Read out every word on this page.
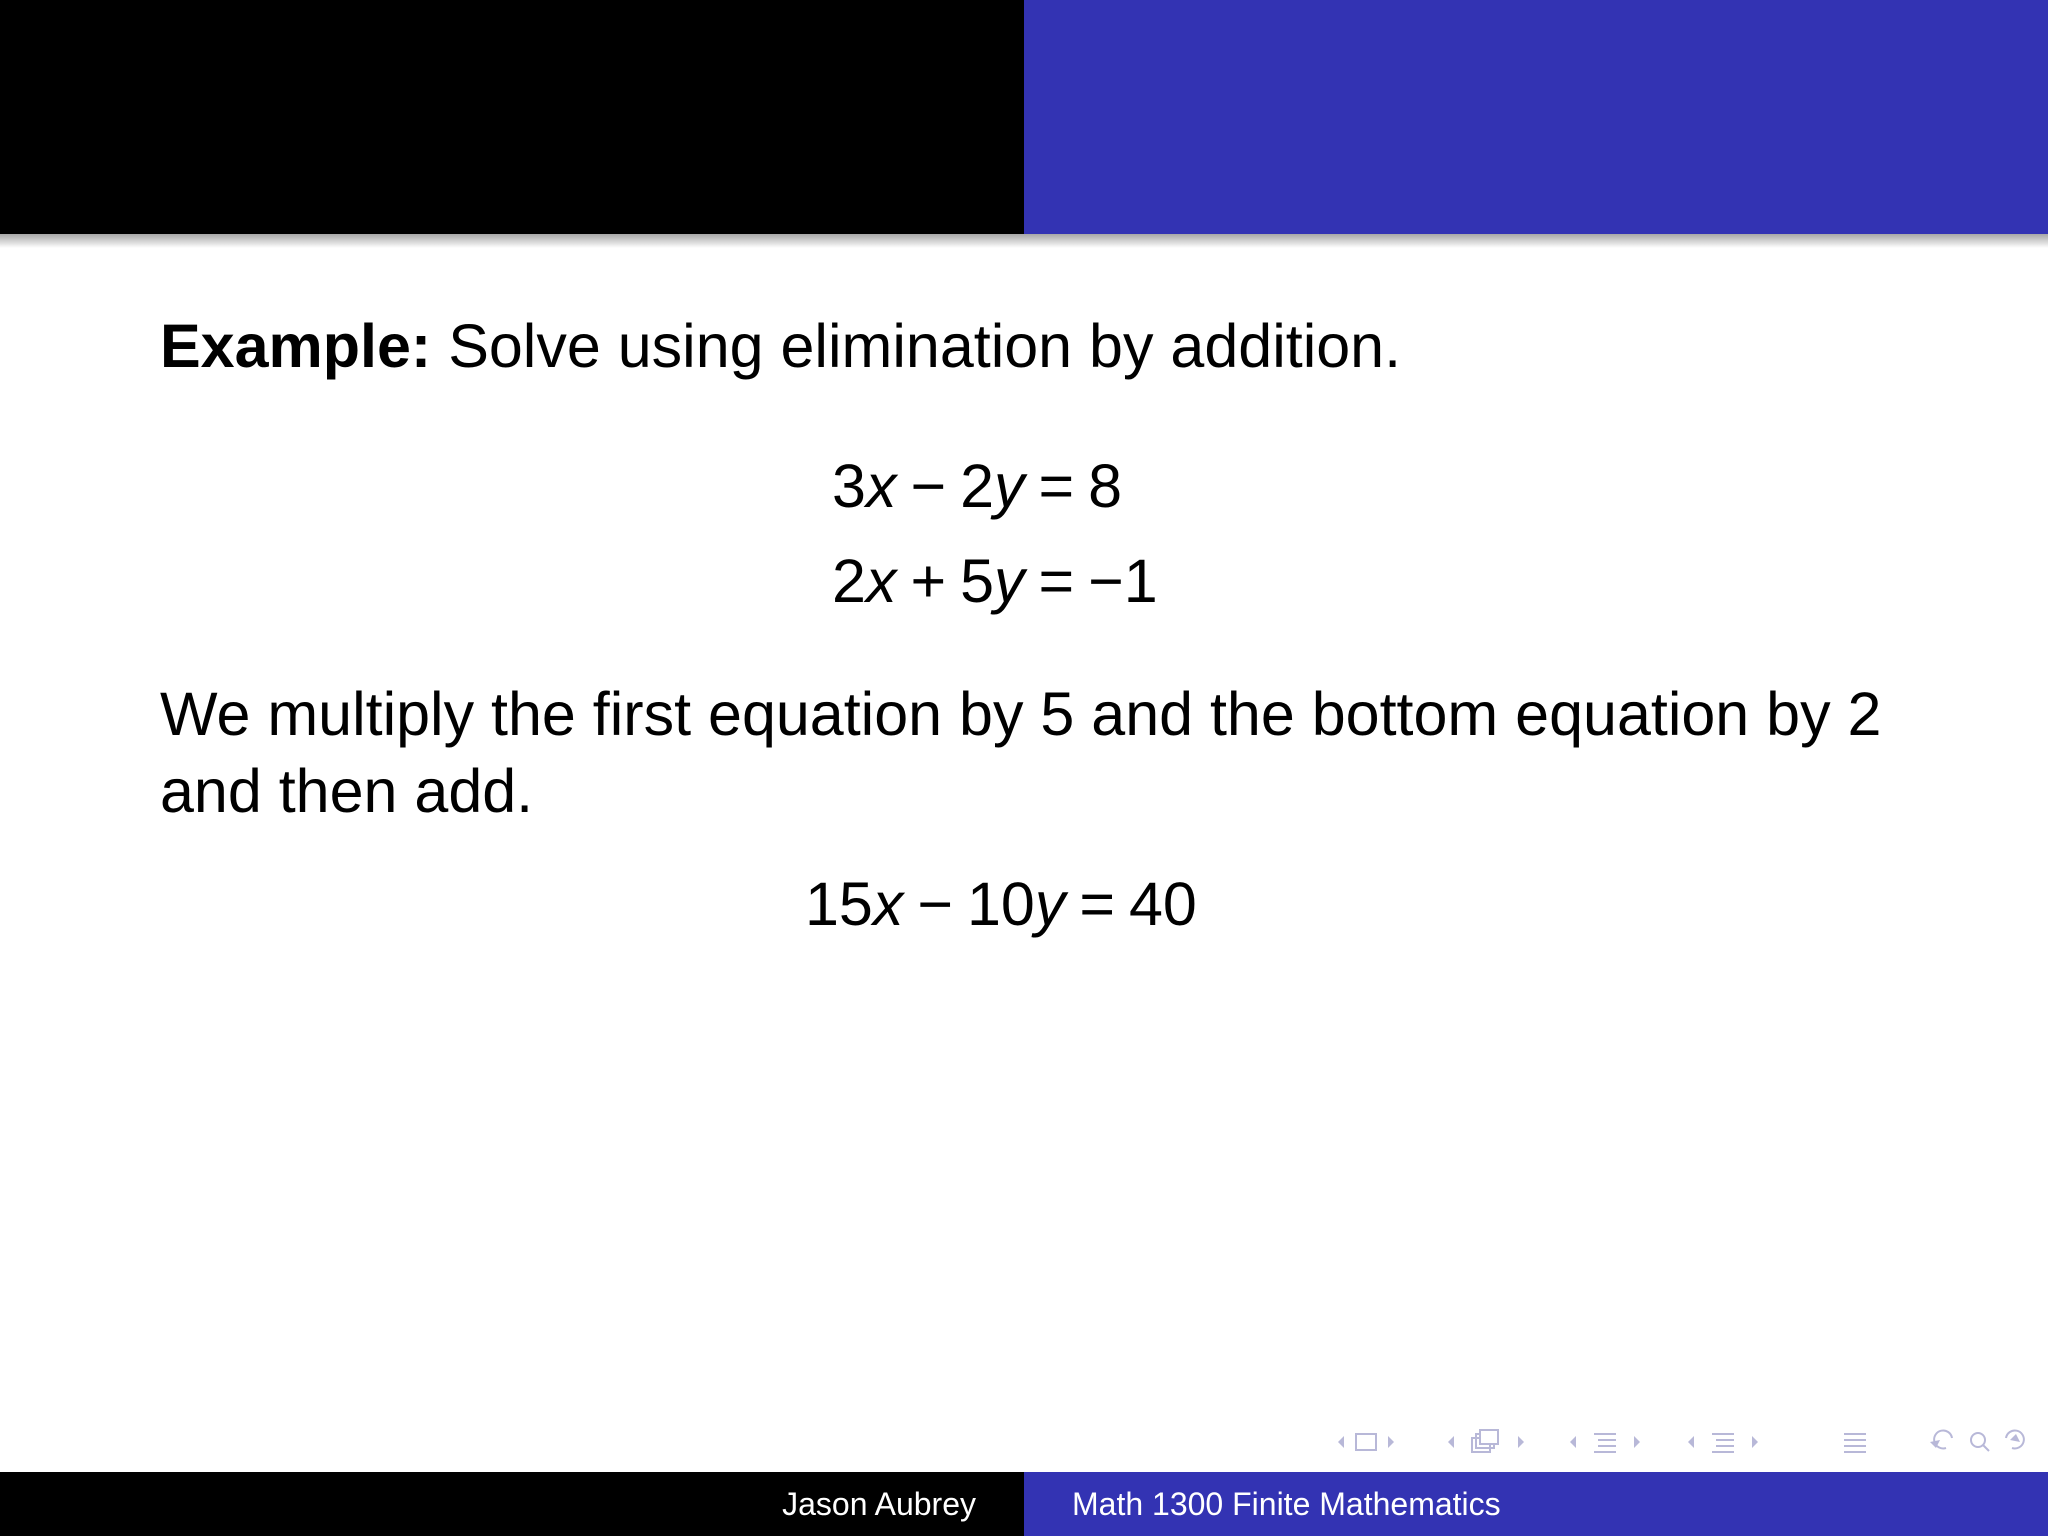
Example: Solve using elimination by addition.
3x − 2y = 8
2x + 5y = −1
We multiply the first equation by 5 and the bottom equation by 2 and then add.
15x − 10y = 40
Jason Aubrey	Math 1300 Finite Mathematics
